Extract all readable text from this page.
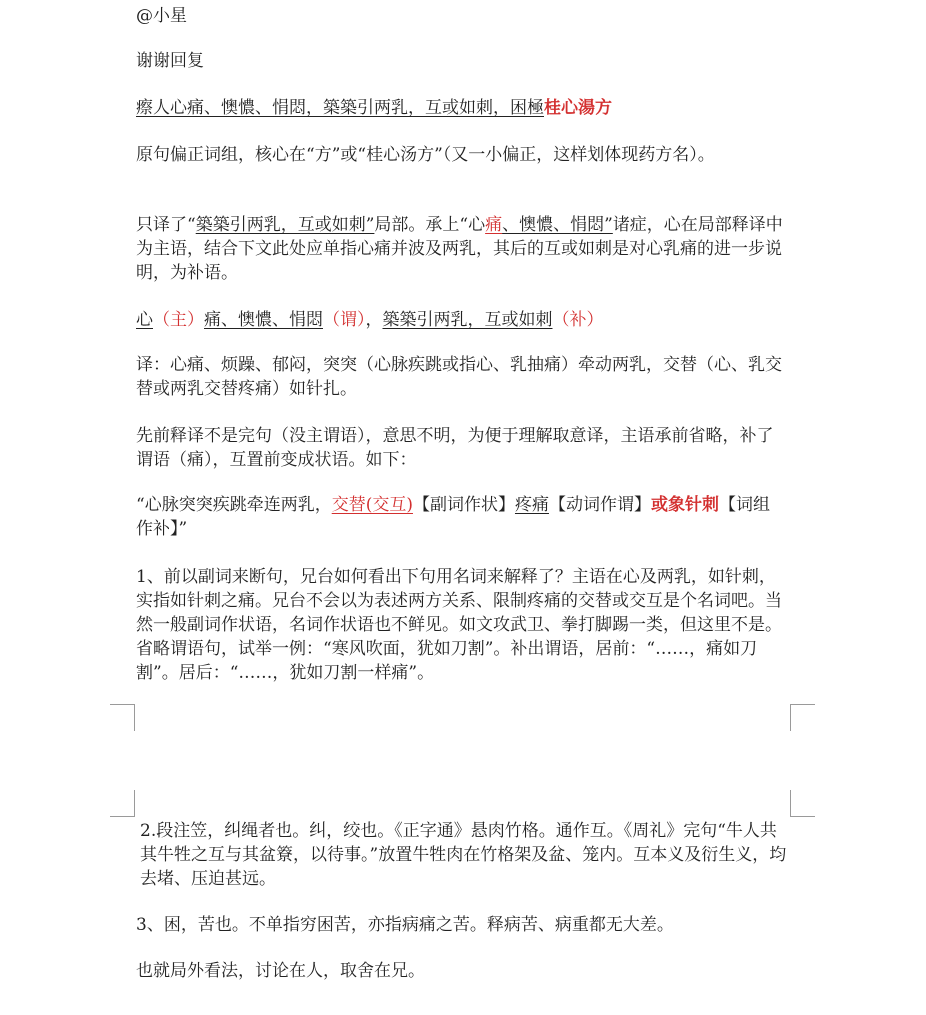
@小星

谢谢回复

瘵人心痛、懊憹、悁悶，築築引两乳，互或如刺，困極桂心湯方

原句偏正词组，核心在“方”或“桂心汤方”（又一小偏正，这样划体现药方名）。

只译了“築築引两乳，互或如刺”局部。承上“心痛、懊憹、悁悶”诸症，心在局部释译中为主语，结合下文此处应单指心痛并波及两乳，其后的互或如刺是对心乳痛的进一步说明，为补语。

心（主）痛、懊憹、悁悶（谓），築築引两乳，互或如刺（补）

译：心痛、烦躁、郁闷，突突（心脉疾跳或指心、乳抽痛）牵动两乳，交替（心、乳交替或两乳交替疼痛）如针扎。

先前释译不是完句（没主谓语），意思不明，为便于理解取意译，主语承前省略，补了谓语（痛），互置前变成状语。如下：

“心脉突突疾跳牵连两乳，交替(交互)【副词作状】疼痛【动词作谓】或象针刺【词组作补】”

1、前以副词来断句，兄台如何看出下句用名词来解释了？主语在心及两乳，如针刺，实指如针刺之痛。兄台不会以为表述两方关系、限制疼痛的交替或交互是个名词吧。当然一般副词作状语，名词作状语也不鲜见。如文攻武卫、拳打脚踢一类，但这里不是。省略谓语句，试举一例：“寒风吹面，犹如刀割”。补出谓语，居前：“……，痛如刀割”。居后：“……，犹如刀割一样痛”。

2.段注笠，纠绳者也。纠，绞也。《正字通》悬肉竹格。通作互。《周礼》完句“牛人共其牛牲之互与其盆簝，以待事。”放置牛牲肉在竹格架及盆、笼内。互本义及衍生义，均去堵、压迫甚远。

3、困，苦也。不单指穷困苦，亦指病痛之苦。释病苦、病重都无大差。

也就局外看法，讨论在人，取舍在兄。
